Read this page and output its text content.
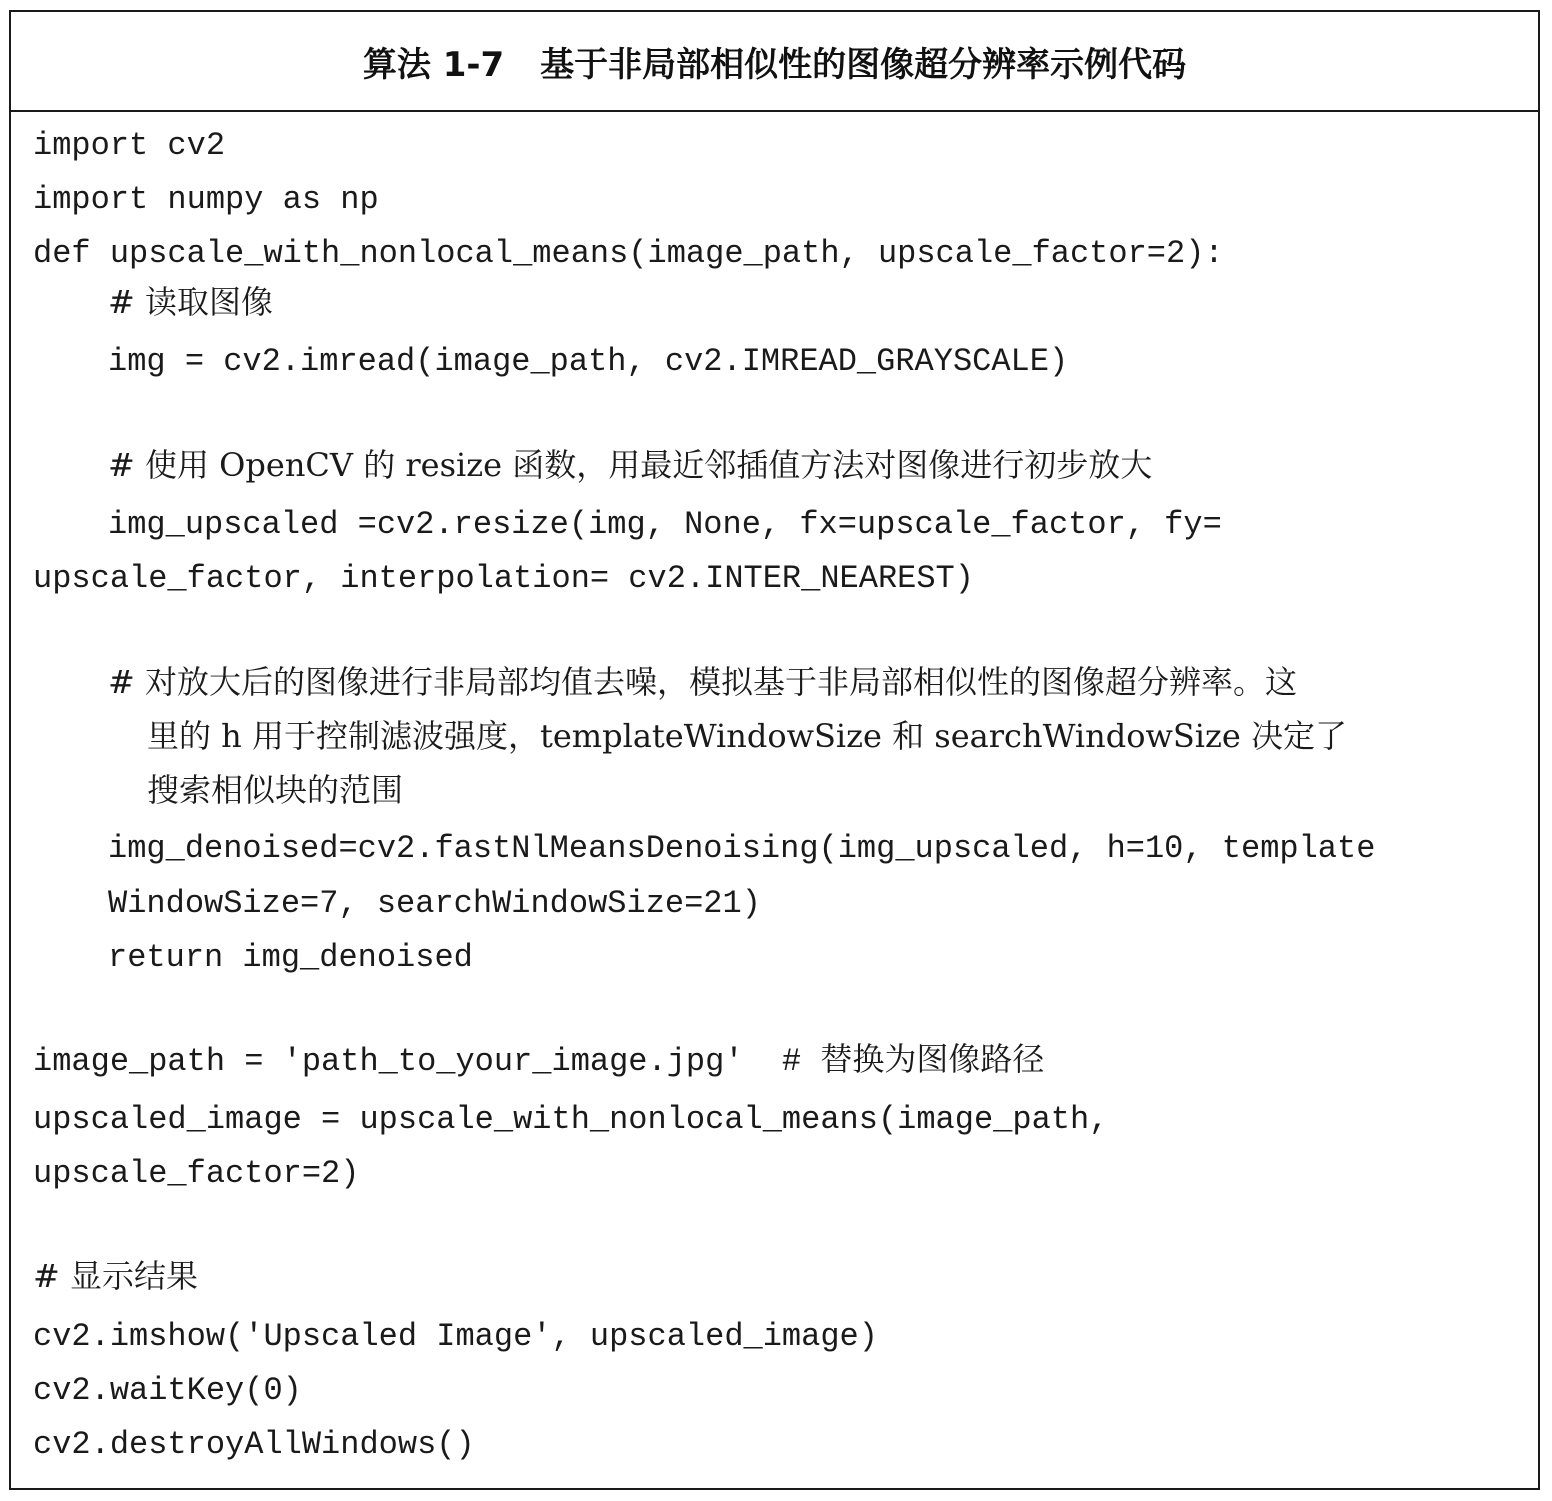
算法 1-7 基于非局部相似性的图像超分辨率示例代码

import cv2

import numpy as np

def upscale_with_nonlocal_means(image_path, upscale_factor=2):

# 读取图像

img = cv2.imread(image_path, cv2.IMREAD_GRAYSCALE)

# 使用 OpenCV 的 resize 函数，用最近邻插值方法对图像进行初步放大

img_upscaled =cv2.resize(img, None, fx=upscale_factor, fy=

upscale_factor, interpolation= cv2.INTER_NEAREST)

# 对放大后的图像进行非局部均值去噪，模拟基于非局部相似性的图像超分辨率。这

里的 h 用于控制滤波强度，templateWindowSize 和 searchWindowSize 决定了

搜索相似块的范围

img_denoised=cv2.fastNlMeansDenoising(img_upscaled, h=10, template

WindowSize=7, searchWindowSize=21)

return img_denoised

image_path = 'path_to_your_image.jpg'  # 替换为图像路径

upscaled_image = upscale_with_nonlocal_means(image_path,

upscale_factor=2)

# 显示结果

cv2.imshow('Upscaled Image', upscaled_image)

cv2.waitKey(0)

cv2.destroyAllWindows()
